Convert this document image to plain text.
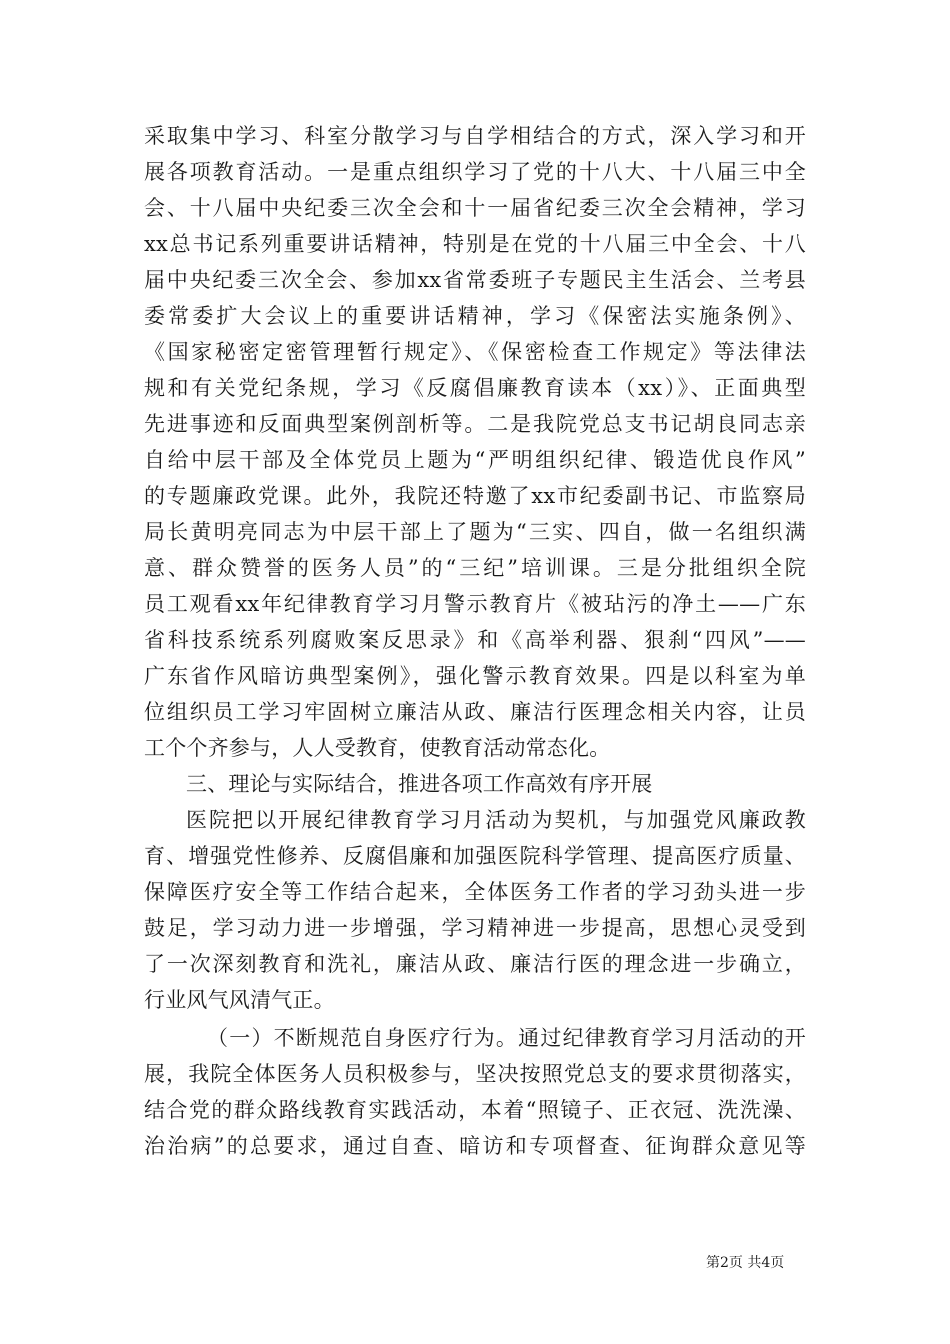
采取集中学习、科室分散学习与自学相结合的方式，深入学习和开
展各项教育活动。一是重点组织学习了党的十八大、十八届三中全
会、十八届中央纪委三次全会和十一届省纪委三次全会精神，学习
xx总书记系列重要讲话精神，特别是在党的十八届三中全会、十八
届中央纪委三次全会、参加xx省常委班子专题民主生活会、兰考县
委常委扩大会议上的重要讲话精神，学习《保密法实施条例》、
《国家秘密定密管理暂行规定》、《保密检查工作规定》等法律法
规和有关党纪条规，学习《反腐倡廉教育读本（xx）》、正面典型
先进事迹和反面典型案例剖析等。二是我院党总支书记胡良同志亲
自给中层干部及全体党员上题为“严明组织纪律、锻造优良作风”
的专题廉政党课。此外，我院还特邀了xx市纪委副书记、市监察局
局长黄明亮同志为中层干部上了题为“三实、四自，做一名组织满
意、群众赞誉的医务人员”的“三纪”培训课。三是分批组织全院
员工观看xx年纪律教育学习月警示教育片《被玷污的净土——广东
省科技系统系列腐败案反思录》和《高举利器、狠刹“四风”——
广东省作风暗访典型案例》，强化警示教育效果。四是以科室为单
位组织员工学习牢固树立廉洁从政、廉洁行医理念相关内容，让员
工个个齐参与，人人受教育，使教育活动常态化。
三、理论与实际结合，推进各项工作高效有序开展
医院把以开展纪律教育学习月活动为契机，与加强党风廉政教
育、增强党性修养、反腐倡廉和加强医院科学管理、提高医疗质量、
保障医疗安全等工作结合起来，全体医务工作者的学习劲头进一步
鼓足，学习动力进一步增强，学习精神进一步提高，思想心灵受到
了一次深刻教育和洗礼，廉洁从政、廉洁行医的理念进一步确立，
行业风气风清气正。
（一）不断规范自身医疗行为。通过纪律教育学习月活动的开
展，我院全体医务人员积极参与，坚决按照党总支的要求贯彻落实，
结合党的群众路线教育实践活动，本着“照镜子、正衣冠、洗洗澡、
治治病”的总要求，通过自查、暗访和专项督查、征询群众意见等
第2页 共4页
